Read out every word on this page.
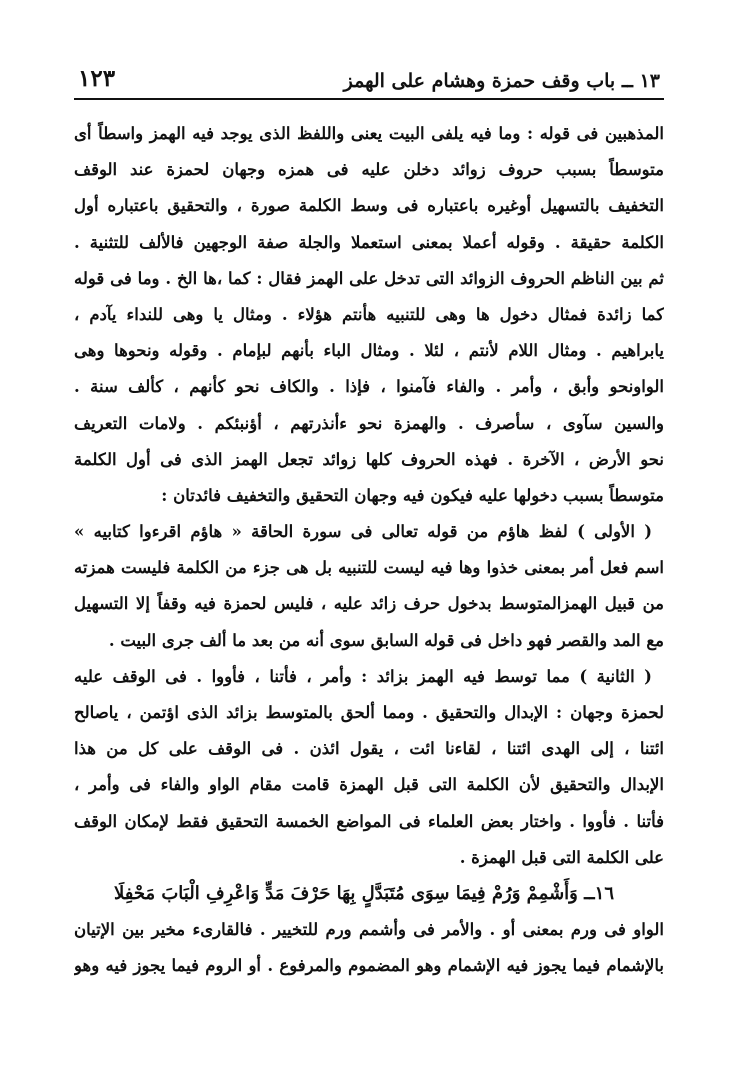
١٣ ــ باب وقف حمزة وهشام على الهمز
١٢٣
المذهبين فى قوله : وما فيه يلفى البيت يعنى واللفظ الذى يوجد فيه الهمز واسطاً أى
متوسطاً بسبب حروف زوائد دخلن عليه فى همزه وجهان لحمزة عند الوقف
التخفيف بالتسهيل أوغيره باعتباره فى وسط الكلمة صورة ، والتحقيق باعتباره أول
الكلمة حقيقة . وقوله أعملا بمعنى استعملا والجلة صفة الوجهين فالألف للتثنية .
ثم بين الناظم الحروف الزوائد التى تدخل على الهمز فقال : كما ،ها الخ . وما فى قوله
كما زائدة فمثال دخول ها وهى للتنبيه هأنتم هؤلاء . ومثال يا وهى للنداء يآدم ،
يابراهيم . ومثال اللام لأنتم ، لئلا . ومثال الباء بأنهم لبإمام . وقوله ونحوها وهى
الواونحو وأبق ، وأمر . والفاء فآمنوا ، فإذا . والكاف نحو كأنهم ، كألف سنة .
والسين سآوى ، سأصرف . والهمزة نحو ءأنذرتهم ، أؤنبئكم . ولامات التعريف
نحو الأرض ، الآخرة . فهذه الحروف كلها زوائد تجعل الهمز الذى فى أول الكلمة
متوسطاً بسبب دخولها عليه فيكون فيه وجهان التحقيق والتخفيف فائدتان :
( الأولى ) لفظ هاؤم من قوله تعالى فى سورة الحاقة « هاؤم اقرءوا كتابيه »
اسم فعل أمر بمعنى خذوا وها فيه ليست للتنبيه بل هى جزء من الكلمة فليست همزته
من قبيل الهمزالمتوسط بدخول حرف زائد عليه ، فليس لحمزة فيه وقفاً إلا التسهيل
مع المد والقصر فهو داخل فى قوله السابق سوى أنه من بعد ما ألف جرى البيت .
( الثانية ) مما توسط فيه الهمز بزائد : وأمر ، فأتنا ، فأووا . فى الوقف عليه
لحمزة وجهان : الإبدال والتحقيق . ومما ألحق بالمتوسط بزائد الذى اؤتمن ، ياصالح
ائتنا ، إلى الهدى ائتنا ، لقاءنا ائت ، يقول ائذن . فى الوقف على كل من هذا
الإبدال والتحقيق لأن الكلمة التى قبل الهمزة قامت مقام الواو والفاء فى وأمر ،
فأتنا . فأووا . واختار بعض العلماء فى المواضع الخمسة التحقيق فقط لإمكان الوقف
على الكلمة التى قبل الهمزة .
١٦ــ وَأَشْمِمْ وَرُمْ فِيمَا سِوَى مُتَبَدَّلٍ بِهَا حَرْفَ مَدٍّ وَاعْرِفِ الْبَابَ مَحْفِلَا
الواو فى ورم بمعنى أو . والأمر فى وأشمم ورم للتخيير . فالقارىء مخير بين الإتيان
بالإشمام فيما يجوز فيه الإشمام وهو المضموم والمرفوع . أو الروم فيما يجوز فيه وهو
